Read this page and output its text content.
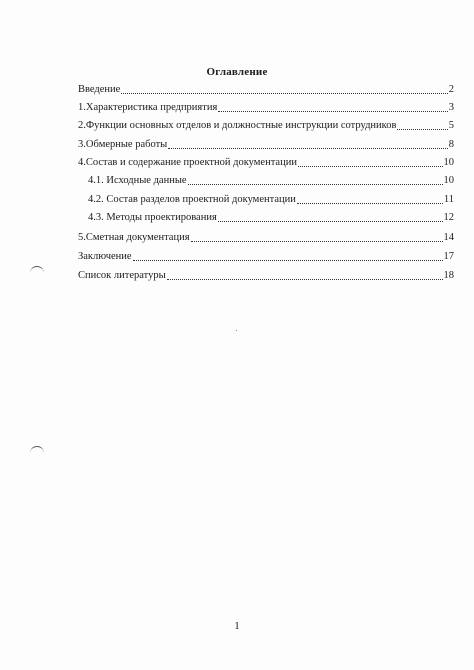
Оглавление
Введение	2
1.Характеристика предприятия	3
2.Функции основных отделов и должностные инструкции сотрудников	5
3.Обмерные работы	8
4.Состав и содержание проектной документации	10
4.1. Исходные данные	10
4.2. Состав разделов проектной документации	11
4.3. Методы проектирования	12
5.Сметная документация	14
Заключение	17
Список литературы	18
1
